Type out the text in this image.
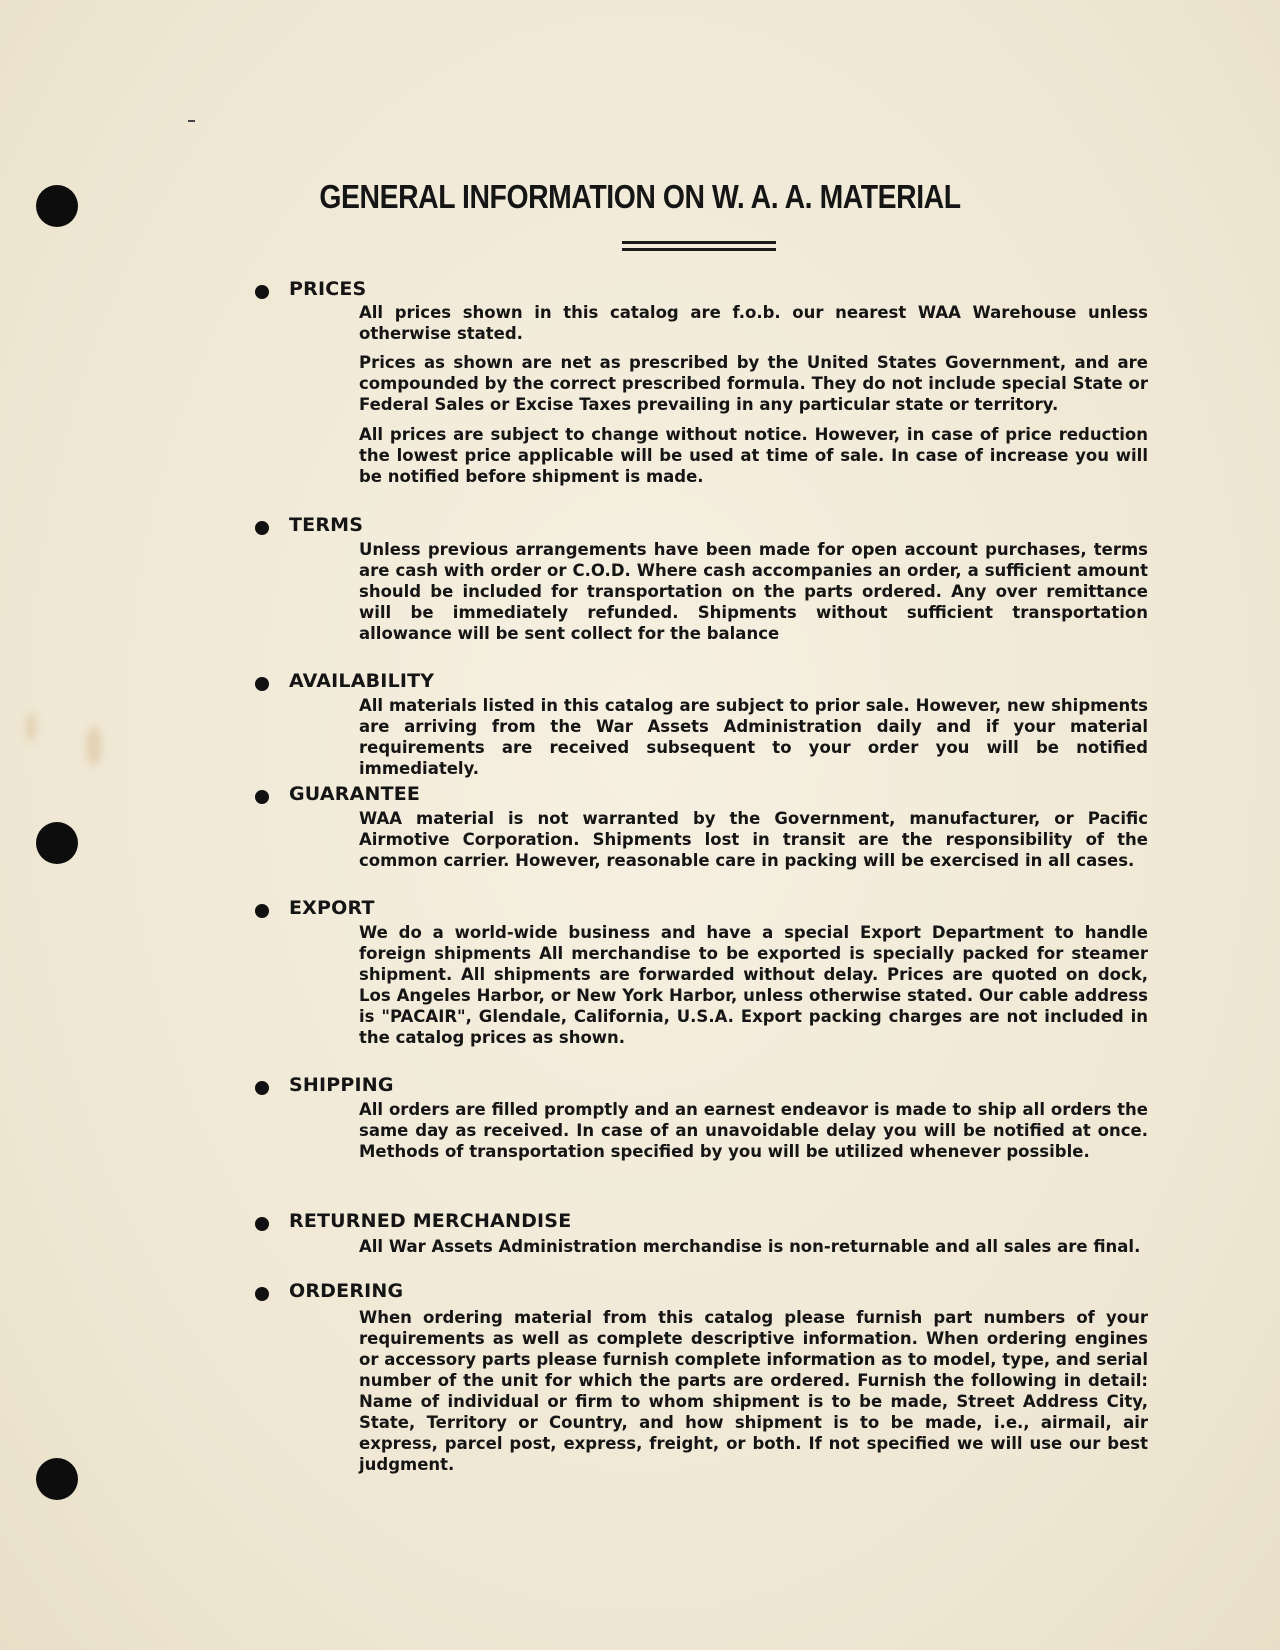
GENERAL INFORMATION ON W. A. A. MATERIAL
PRICES
All prices shown in this catalog are f.o.b. our nearest WAA Warehouse unless otherwise stated.
Prices as shown are net as prescribed by the United States Government, and are compounded by the correct prescribed formula. They do not include special State or Federal Sales or Excise Taxes prevailing in any particular state or territory.
All prices are subject to change without notice. However, in case of price reduction the lowest price applicable will be used at time of sale. In case of increase you will be notified before shipment is made.
TERMS
Unless previous arrangements have been made for open account purchases, terms are cash with order or C.O.D. Where cash accompanies an order, a sufficient amount should be included for transportation on the parts ordered. Any over remittance will be immediately refunded. Shipments without sufficient transportation allowance will be sent collect for the balance
AVAILABILITY
All materials listed in this catalog are subject to prior sale. However, new shipments are arriving from the War Assets Administration daily and if your material requirements are received subsequent to your order you will be notified immediately.
GUARANTEE
WAA material is not warranted by the Government, manufacturer, or Pacific Airmotive Corporation. Shipments lost in transit are the responsibility of the common carrier. However, reasonable care in packing will be exercised in all cases.
EXPORT
We do a world-wide business and have a special Export Department to handle foreign shipments All merchandise to be exported is specially packed for steamer shipment. All shipments are forwarded without delay. Prices are quoted on dock, Los Angeles Harbor, or New York Harbor, unless otherwise stated. Our cable address is "PACAIR", Glendale, California, U.S.A. Export packing charges are not included in the catalog prices as shown.
SHIPPING
All orders are filled promptly and an earnest endeavor is made to ship all orders the same day as received. In case of an unavoidable delay you will be notified at once. Methods of transportation specified by you will be utilized whenever possible.
RETURNED MERCHANDISE
All War Assets Administration merchandise is non-returnable and all sales are final.
ORDERING
When ordering material from this catalog please furnish part numbers of your requirements as well as complete descriptive information. When ordering engines or accessory parts please furnish complete information as to model, type, and serial number of the unit for which the parts are ordered. Furnish the following in detail: Name of individual or firm to whom shipment is to be made, Street Address City, State, Territory or Country, and how shipment is to be made, i.e., airmail, air express, parcel post, express, freight, or both. If not specified we will use our best judgment.
